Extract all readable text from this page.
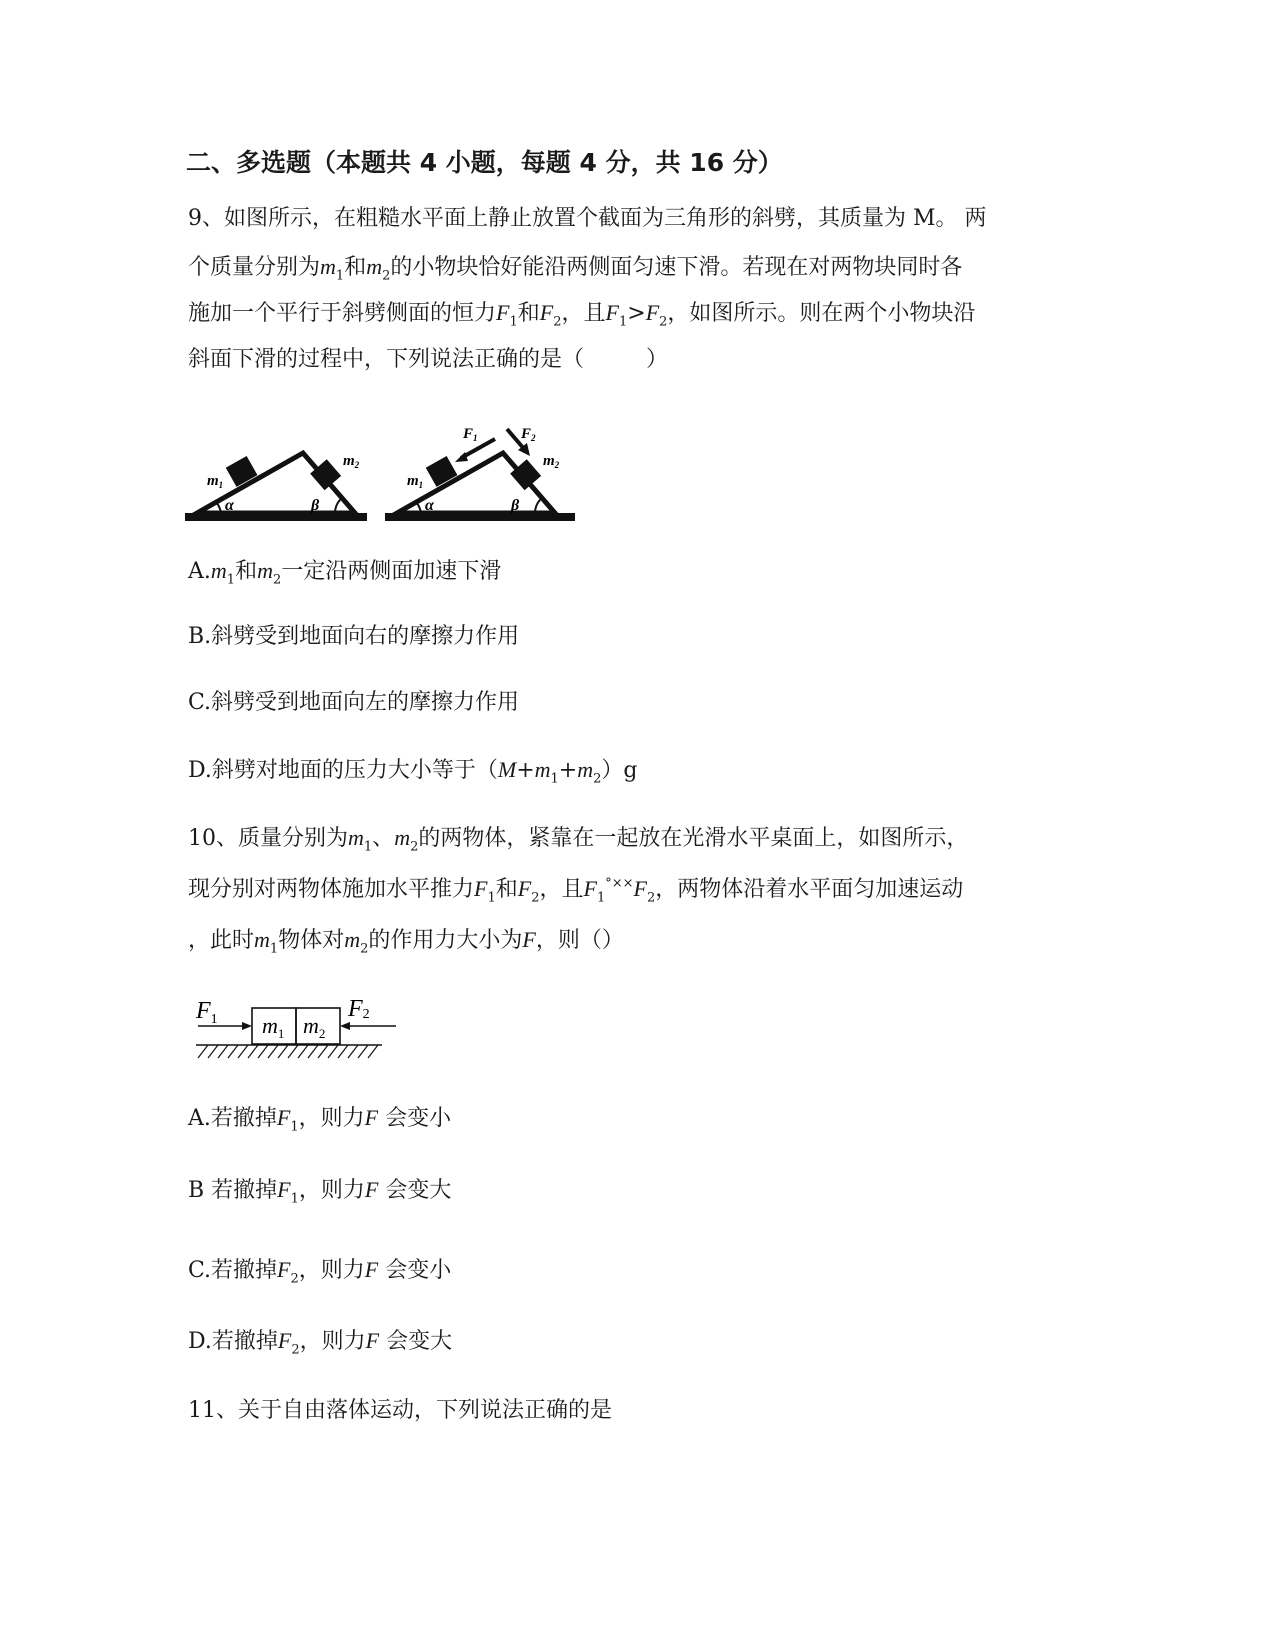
二、多选题（本题共 4 小题，每题 4 分，共 16 分）
9、如图所示，在粗糙水平面上静止放置个截面为三角形的斜劈，其质量为 M。 两
个质量分别为$m_1$和$m_2$的小物块恰好能沿两侧面匀速下滑。若现在对两物块同时各
施加一个平行于斜劈侧面的恒力$F_1$和$F_2$，且$F_1>F_2$，如图所示。则在两个小物块沿
斜面下滑的过程中，下列说法正确的是（	）
$m_1$
$m_2$
α	β
$F_1$	$F_2$
$m_1$
$m_2$
α	β
$A.m_1$和$m_2$一定沿两侧面加速下滑
B.斜劈受到地面向右的摩擦力作用
C.斜劈受到地面向左的摩擦力作用
D.斜劈对地面的压力大小等于$(M+m_1+m_2)g$
10、质量分别为$m_1$、$m_2$的两物体，紧靠在一起放在光滑水平桌面上，如图所示，
现分别对两物体施加水平推力$F_1$和$F_2$，且$F_1^{^\circ\times\times}F_2$，两物体沿着水平面匀加速运动
，此时$m_1$物体对$m_2$的作用力大小为F，则（）
$m_1$ $m_2$
$F_1$	F2
A.若撤掉$F_1$，则力F 会变小
B 若撤掉$F_1$，则力F 会变大
C.若撤掉$F_2$，则力F 会变小
D.若撤掉$F_2$，则力F 会变大
11、关于自由落体运动，下列说法正确的是
